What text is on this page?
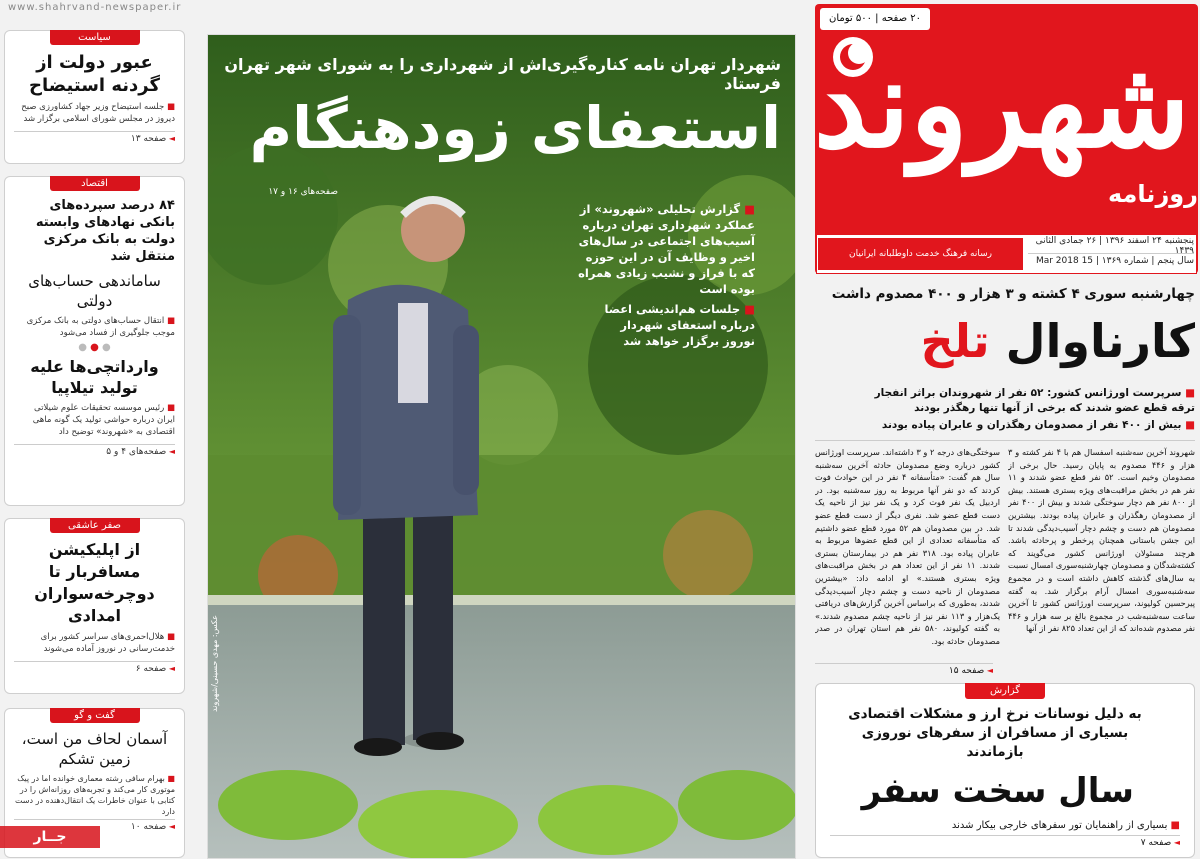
www.shahrvand-newspaper.ir
سیاست
عبور دولت از گردنه استیضاح
■ جلسه استیضاح وزیر جهاد کشاورزی صبح دیروز در مجلس شورای اسلامی برگزار شد
◄ صفحه ۱۳
اقتصاد
۸۴ درصد سپرده‌های بانکی نهادهای وابسته دولت به بانک مرکزی منتقل شد
ساماندهی حساب‌های دولتی
■ انتقال حساب‌های دولتی به بانک مرکزی موجب جلوگیری از فساد می‌شود
● ● ●
وارداتچی‌ها علیه تولید تیلاپیا
■ رئیس موسسه تحقیقات علوم شیلاتی ایران درباره حواشی تولید یک گونه ماهی اقتصادی به «شهروند» توضیح داد
◄ صفحه‌های ۴ و ۵
صفر عاشقی
از اپلیکیشن مسافربار تا دوچرخه‌سواران امدادی
■ هلال‌احمری‌های سراسر کشور برای خدمت‌رسانی در نوروز آماده می‌شوند
◄ صفحه ۶
گفت و گو
آسمان لحاف من است، زمین تشکم
■ بهرام سافی رشته معماری خوانده اما در پیک موتوری کار می‌کند و تجربه‌های روزانه‌اش را در کتابی با عنوان خاطرات یک انتقال‌دهنده در دست دارد
◄ صفحه ۱۰
جــار
شهردار تهران نامه کناره‌گیری‌اش از شهرداری را به شورای شهر تهران فرستاد
استعفای زودهنگام
صفحه‌های ۱۶ و ۱۷
■ گزارش تحلیلی «شهروند» از عملکرد شهرداری تهران درباره آسیب‌های اجتماعی در سال‌های اخیر و وظایف آن در این حوزه که با فراز و نشیب زیادی همراه بوده است
■ جلسات هم‌اندیشی اعضا درباره استعفای شهردار نوروز برگزار خواهد شد
عکس: مهدی حسینی/شهروند
۲۰ صفحه | ۵۰۰ تومان
شهروند
روزنامه
رسانه فرهنگ خدمت داوطلبانه ایرانیان
پنجشنبه ۲۴ اسفند ۱۳۹۶ | ۲۶ جمادی الثانی ۱۴۳۹
سال پنجم | شماره ۱۳۶۹ | 15 Mar 2018
چهارشنبه سوری ۴ کشته و ۳ هزار و ۴۰۰ مصدوم داشت
کارناوال تلخ
■ سرپرست اورژانس کشور: ۵۲ نفر از شهروندان براثر انفجار ترقه قطع عضو شدند که برخی از آنها تنها رهگذر بودند
■ بیش از ۴۰۰ نفر از مصدومان رهگذران و عابران پیاده بودند
شهروند آخرین سه‌شنبه اسفسال هم با ۴ نفر کشته و ۳ هزار و ۴۴۶ مصدوم به پایان رسید. حال برخی از مصدومان وخیم است. ۵۲ نفر قطع عضو شدند و ۱۱ نفر هم در بخش مراقبت‌های ویژه بستری هستند. بیش از ۸۰۰ نفر هم دچار سوختگی شدند و بیش از ۴۰۰ نفر از مصدومان رهگذران و عابران پیاده بودند. بیشترین مصدومان هم دست و چشم دچار آسیب‌دیدگی شدند تا این جشن باستانی همچنان پرخطر و پرحادثه باشد. هرچند مسئولان اورژانس کشور می‌گویند که کشته‌شدگان و مصدومان چهارشنبه‌سوری امسال نسبت به سال‌های گذشته کاهش داشته است و در مجموع سه‌شنبه‌سوری امسال آرام برگزار شد. به گفته پیرحسین کولیوند، سرپرست اورژانس کشور تا آخرین ساعت سه‌شنبه‌شب در مجموع بالغ بر سه هزار و ۴۴۶ نفر مصدوم شده‌اند که از این تعداد ۸۲۵ نفر از آنها
سوختگی‌های درجه ۲ و ۳ داشته‌اند. سرپرست اورژانس کشور درباره وضع مصدومان حادثه آخرین سه‌شنبه سال هم گفت: «متأسفانه ۴ نفر در این حوادث فوت کردند که دو نفر آنها مربوط به روز سه‌شنبه بود. در اردبیل یک نفر فوت کرد و یک نفر نیز از ناحیه یک دست قطع عضو شد. نفری دیگر از دست قطع عضو شد. در بین مصدومان هم ۵۲ مورد قطع عضو داشتیم که متأسفانه تعدادی از این قطع عضوها مربوط به عابران پیاده بود. ۳۱۸ نفر هم در بیمارستان بستری شدند. ۱۱ نفر از این تعداد هم در بخش مراقبت‌های ویژه بستری هستند.» او ادامه داد: «بیشترین مصدومان از ناحیه دست و چشم دچار آسیب‌دیدگی شدند، به‌طوری که براساس آخرین گزارش‌های دریافتی یک‌هزار و ۱۱۳ نفر نیز از ناحیه چشم مصدوم شدند.» به گفته کولیوند، ۵۸۰ نفر هم استان تهران در صدر مصدومان حادثه بود.
◄ صفحه ۱۵
گزارش
به دلیل نوسانات نرخ ارز و مشکلات اقتصادی بسیاری از مسافران از سفرهای نوروزی بازماندند
سال سخت سفر
■ بسیاری از راهنمایان تور سفرهای خارجی بیکار شدند
◄ صفحه ۷
